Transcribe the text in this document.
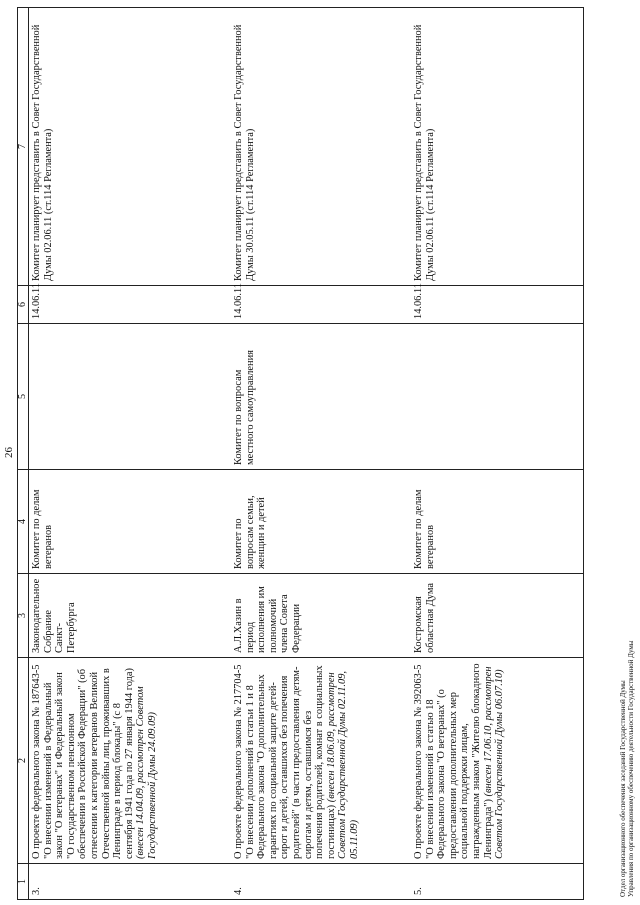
26
1	2	3	4	5	6	7
3.	О проекте федерального закона № 187643-5 "О внесении изменений в Федеральный закон "О ветеранах" и Федеральный закон "О государственном пенсионном обеспечении в Российской Федерации" (об отнесении к категории ветеранов Великой Отечественной войны лиц, проживавших в Ленинграде в период блокады" (с 8 сентября 1941 года по 27 января 1944 года) (внесен 14.04.09, рассмотрен Советом Государственной Думы 24.09.09)	Законодательное Собрание Санкт-Петербурга	Комитет по делам ветеранов		14.06.11	Комитет планирует представить в Совет Государственной Думы 02.06.11 (ст.114 Регламента)
4.	О проекте федерального закона № 217704-5 "О внесении дополнений в статьи 1 и 8 Федерального закона "О дополнительных гарантиях по социальной защите детей-сирот и детей, оставшихся без попечения родителей" (в части предоставления детям-сиротам и детям, оставшимся без попечения родителей, комнат в социальных гостиницах) (внесен 18.06.09, рассмотрен Советом Государственной Думы 02.11.09, 05.11.09)	А.Л.Хазин в период исполнения им полномочий члена Совета Федерации	Комитет по вопросам семьи, женщин и детей	Комитет по вопросам местного самоуправления	14.06.11	Комитет планирует представить в Совет Государственной Думы 30.05.11 (ст.114 Регламента)
5.	О проекте федерального закона № 392063-5 "О внесении изменений в статью 18 Федерального закона "О ветеранах" (о предоставлении дополнительных мер социальной поддержки лицам, награжденным знаком "Жителю блокадного Ленинграда") (внесен 17.06.10, рассмотрен Советом Государственной Думы 06.07.10)	Костромская областная Дума	Комитет по делам ветеранов		14.06.11	Комитет планирует представить в Совет Государственной Думы 02.06.11 (ст.114 Регламента)
Отдел организационного обеспечения заседаний Государственной Думы Управления по организационному обеспечению деятельности Государственной Думы
